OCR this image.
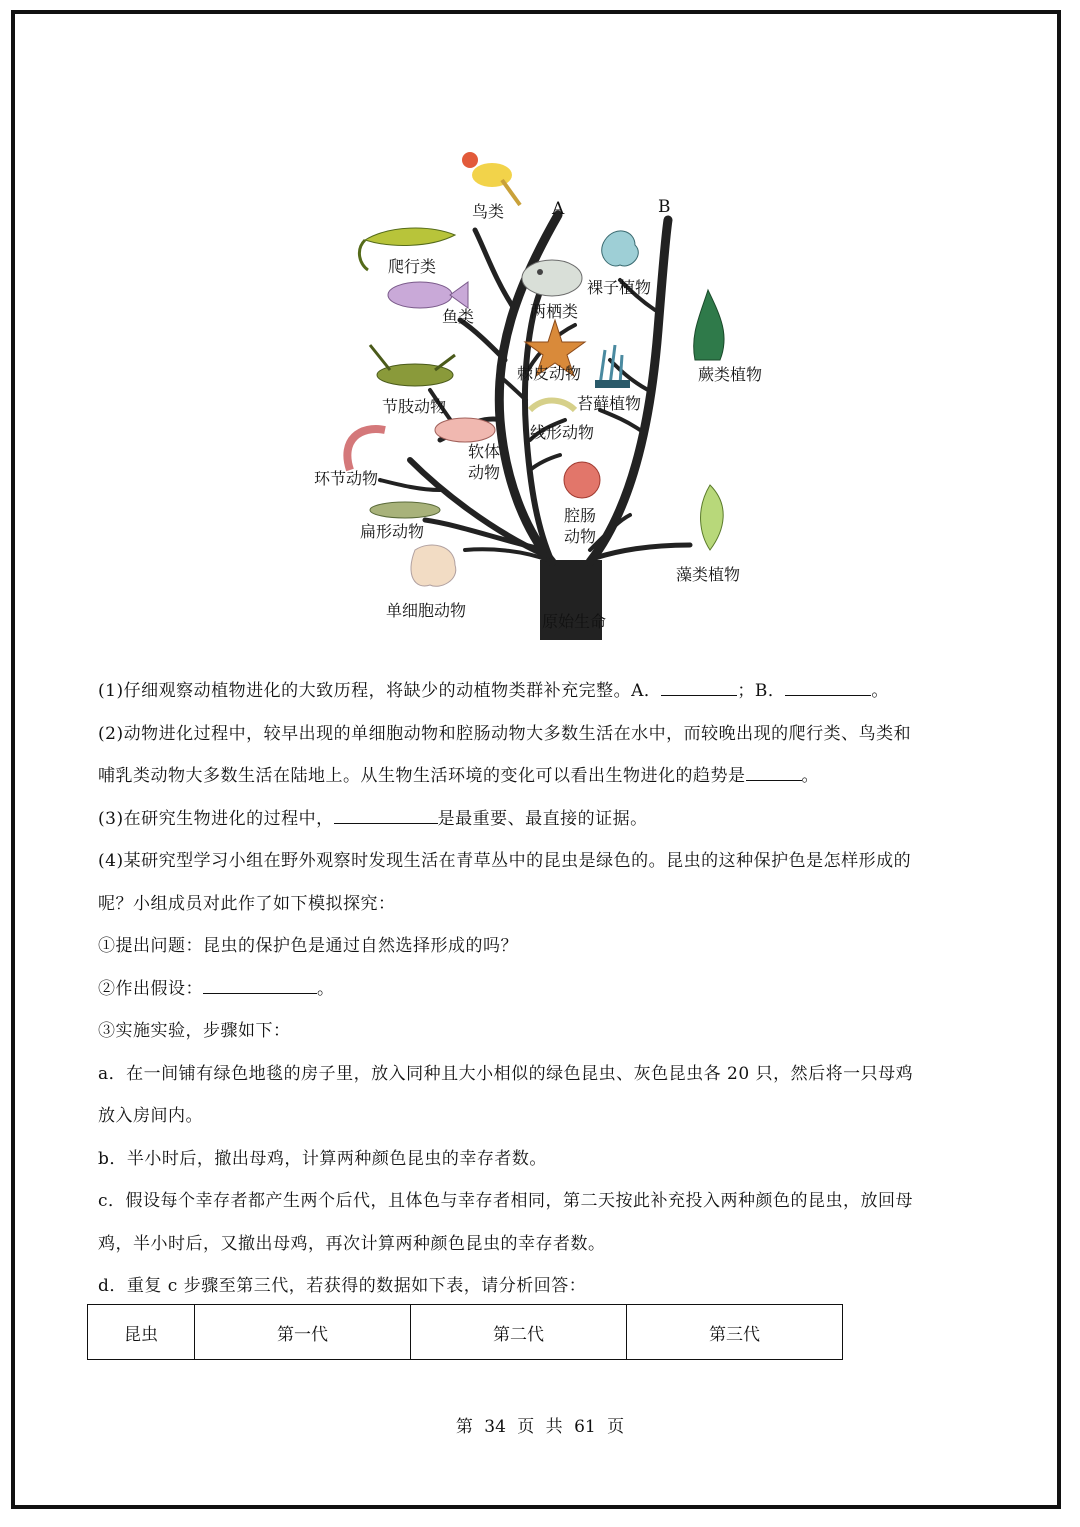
鸟类	A	B
爬行类
鱼类	两栖类
裸子植物
蕨类植物
棘皮动物
苔藓植物
节肢动物
线形动物
软体
动物
环节动物
腔肠
动物
扁形动物
藻类植物
单细胞动物
原始生命

(1)仔细观察动植物进化的大致历程，将缺少的动植物类群补充完整。A．	；B．	。

(2)动物进化过程中，较早出现的单细胞动物和腔肠动物大多数生活在水中，而较晚出现的爬行类、鸟类和

哺乳类动物大多数生活在陆地上。从生物生活环境的变化可以看出生物进化的趋势是	。

(3)在研究生物进化的过程中，	是最重要、最直接的证据。

(4)某研究型学习小组在野外观察时发现生活在青草丛中的昆虫是绿色的。昆虫的这种保护色是怎样形成的

呢？小组成员对此作了如下模拟探究：

①提出问题：昆虫的保护色是通过自然选择形成的吗？

②作出假设：	。

③实施实验，步骤如下：

a．在一间铺有绿色地毯的房子里，放入同种且大小相似的绿色昆虫、灰色昆虫各 20 只，然后将一只母鸡

放入房间内。

b．半小时后，撤出母鸡，计算两种颜色昆虫的幸存者数。

c．假设每个幸存者都产生两个后代，且体色与幸存者相同，第二天按此补充投入两种颜色的昆虫，放回母

鸡，半小时后，又撤出母鸡，再次计算两种颜色昆虫的幸存者数。

d．重复 c 步骤至第三代，若获得的数据如下表，请分析回答：

昆虫	第一代	第二代	第三代
第 34 页 共 61 页
